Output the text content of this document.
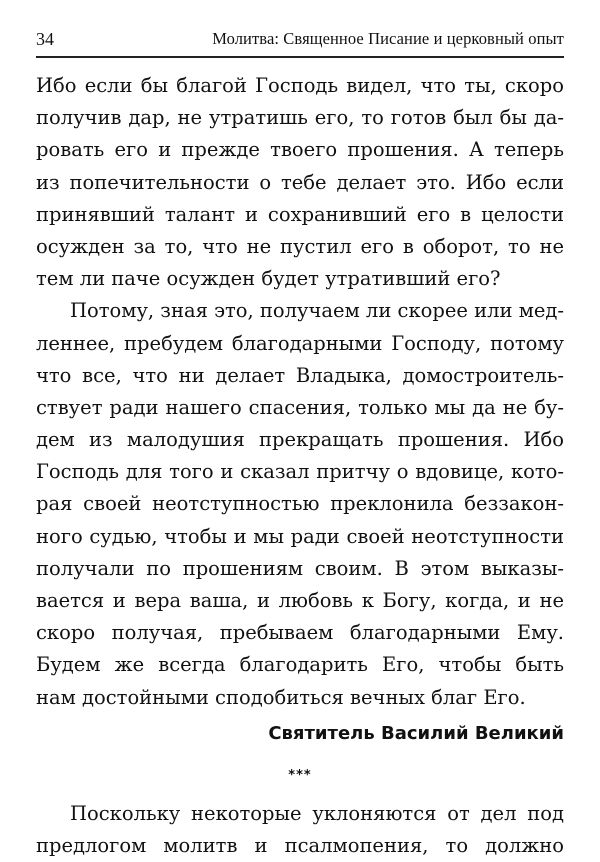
34	Молитва: Священное Писание и церковный опыт
Ибо если бы благой Господь видел, что ты, скоро
получив дар, не утратишь его, то готов был бы да-
ровать его и прежде твоего прошения. А теперь
из попечительности о тебе делает это. Ибо если
принявший талант и сохранивший его в целости
осужден за то, что не пустил его в оборот, то не
тем ли паче осужден будет утративший его?
Потому, зная это, получаем ли скорее или мед-
леннее, пребудем благодарными Господу, потому
что все, что ни делает Владыка, домостроитель-
ствует ради нашего спасения, только мы да не бу-
дем из малодушия прекращать прошения. Ибо
Господь для того и сказал притчу о вдовице, кото-
рая своей неотступностью преклонила беззакон-
ного судью, чтобы и мы ради своей неотступности
получали по прошениям своим. В этом выказы-
вается и вера ваша, и любовь к Богу, когда, и не
скоро получая, пребываем благодарными Ему.
Будем же всегда благодарить Его, чтобы быть
нам достойными сподобиться вечных благ Его.
Святитель Василий Великий
***
Поскольку некоторые уклоняются от дел под
предлогом молитв и псалмопения, то должно
